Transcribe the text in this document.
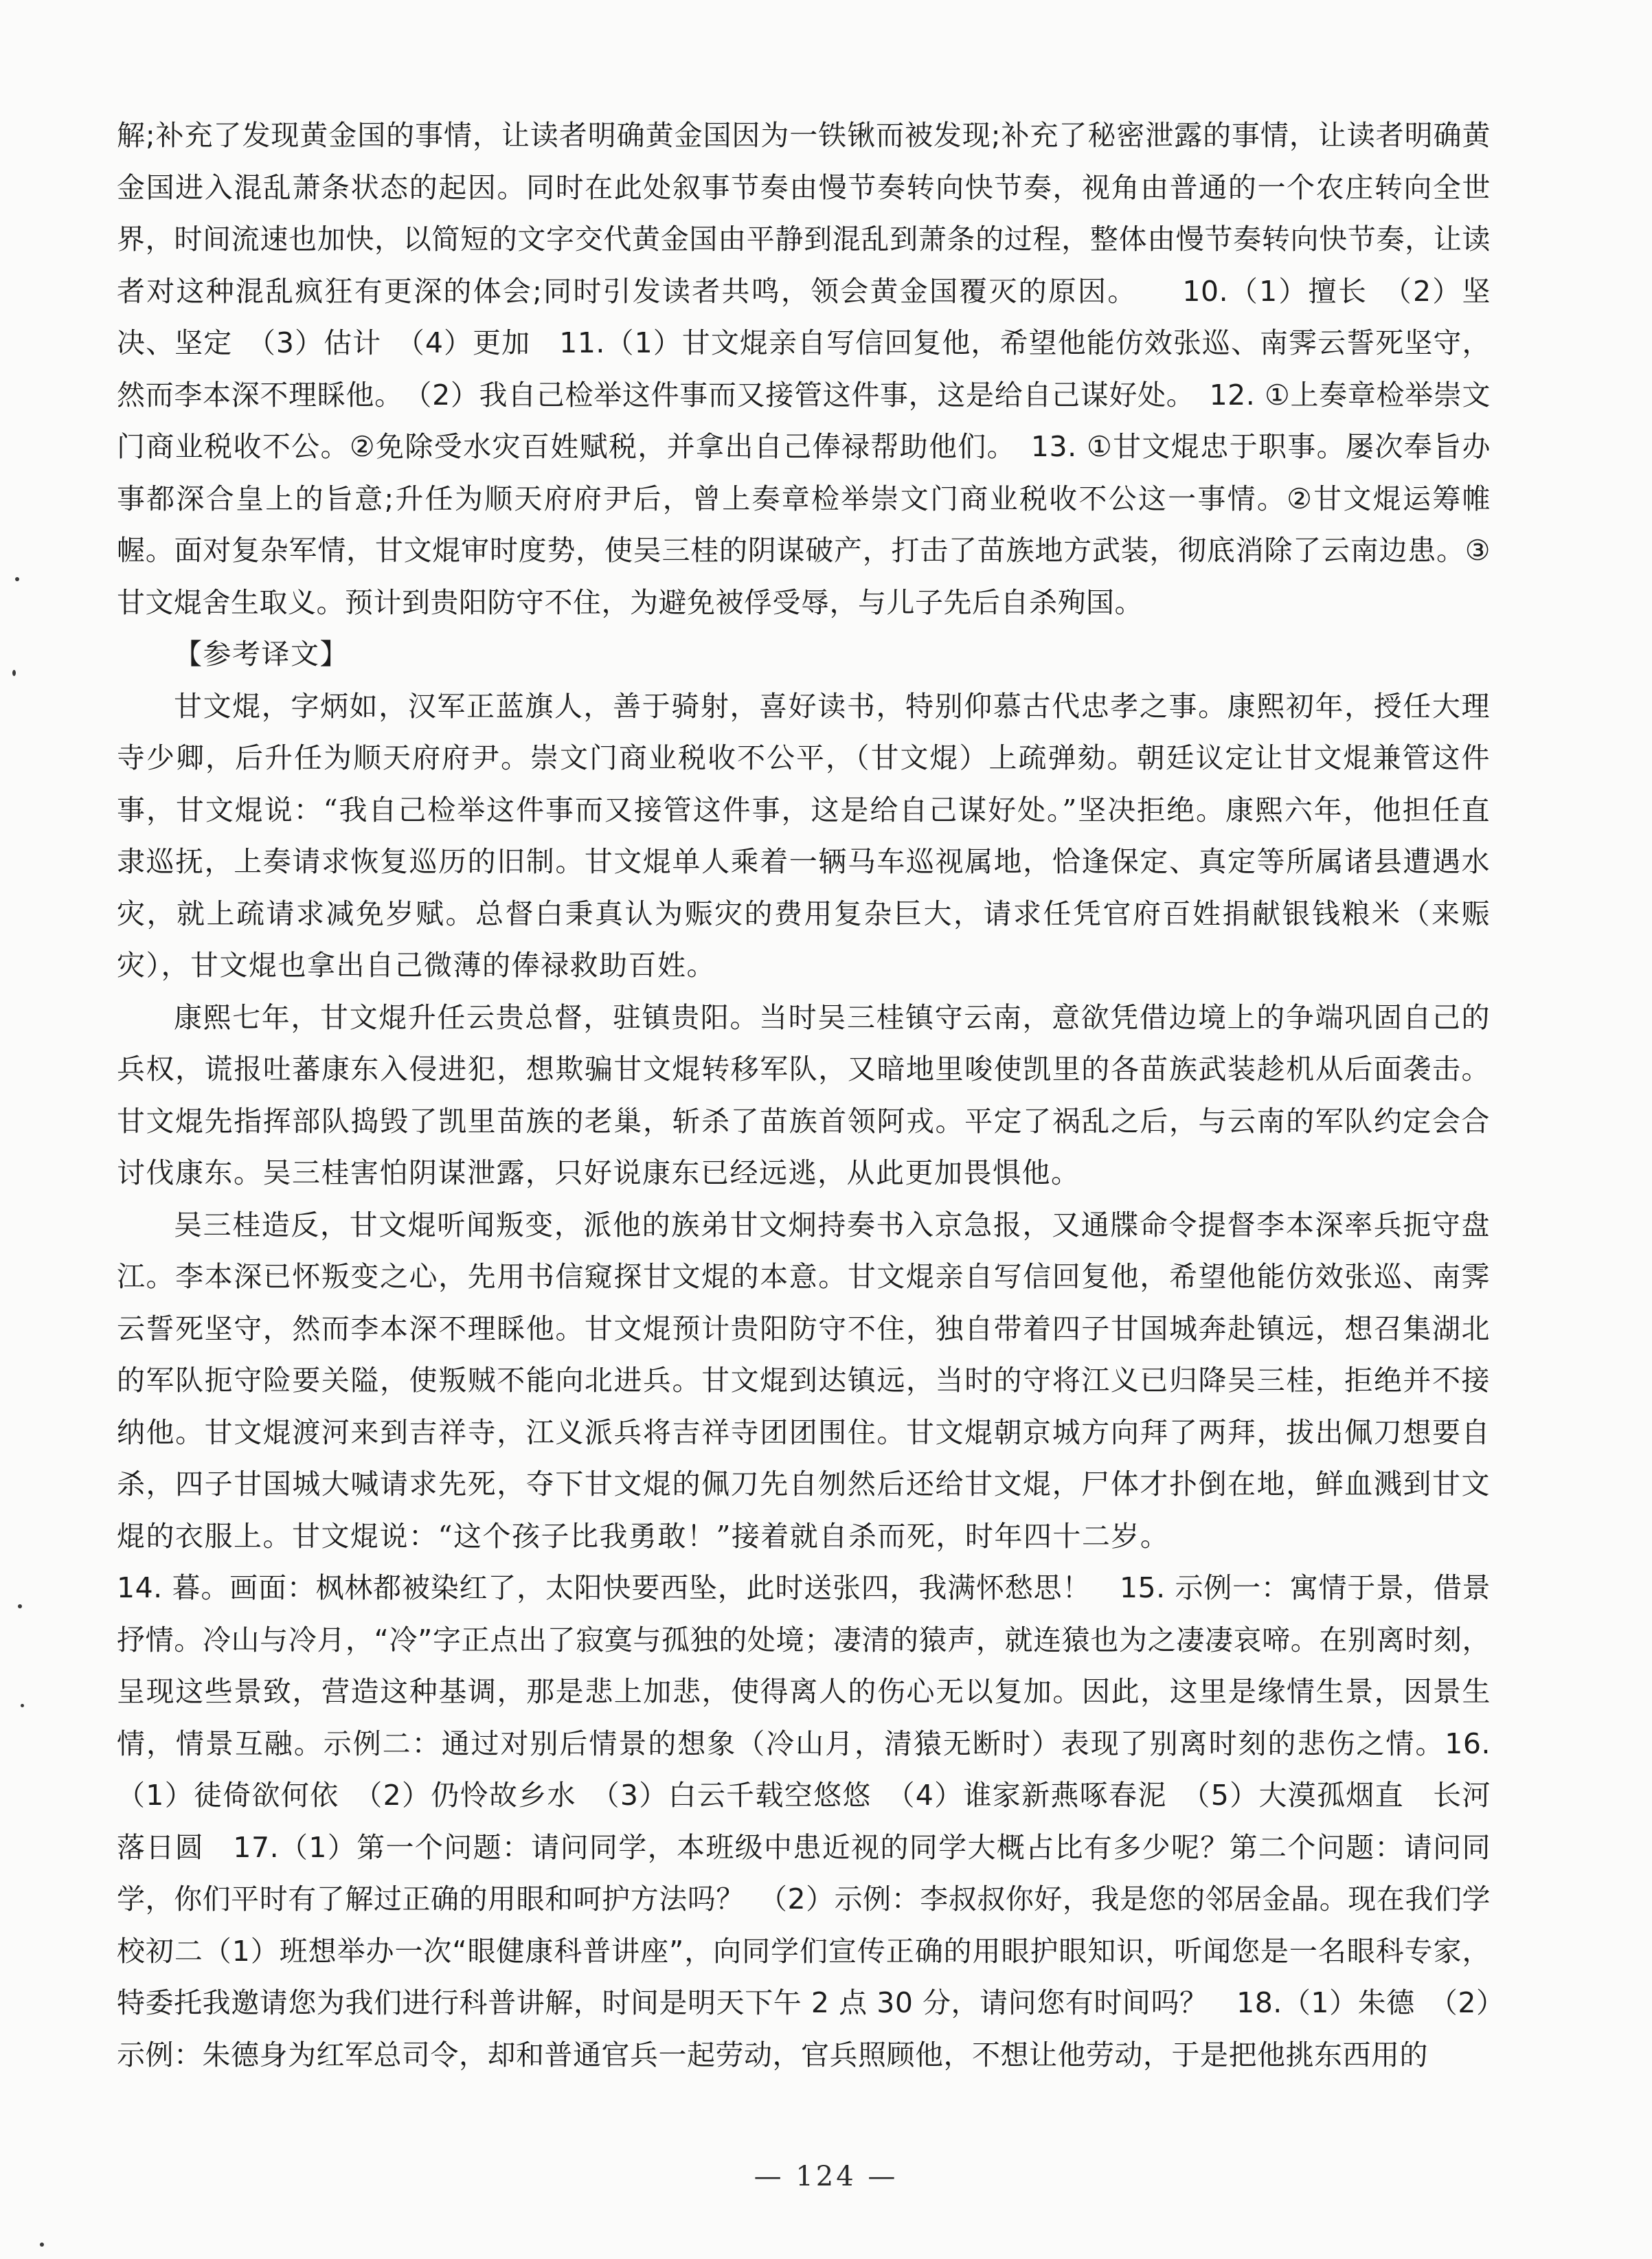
解;补充了发现黄金国的事情，让读者明确黄金国因为一铁锹而被发现;补充了秘密泄露的事情，让读者明确黄金国进入混乱萧条状态的起因。同时在此处叙事节奏由慢节奏转向快节奏，视角由普通的一个农庄转向全世界，时间流速也加快，以简短的文字交代黄金国由平静到混乱到萧条的过程，整体由慢节奏转向快节奏，让读者对这种混乱疯狂有更深的体会;同时引发读者共鸣，领会黄金国覆灭的原因。　　10.（1）擅长　（2）坚决、坚定　（3）估计　（4）更加　11.（1）甘文焜亲自写信回复他，希望他能仿效张巡、南霁云誓死坚守，然而李本深不理睬他。　（2）我自己检举这件事而又接管这件事，这是给自己谋好处。　12. ①上奏章检举崇文门商业税收不公。②免除受水灾百姓赋税，并拿出自己俸禄帮助他们。　13. ①甘文焜忠于职事。屡次奉旨办事都深合皇上的旨意;升任为顺天府府尹后，曾上奏章检举崇文门商业税收不公这一事情。②甘文焜运筹帷幄。面对复杂军情，甘文焜审时度势，使吴三桂的阴谋破产，打击了苗族地方武装，彻底消除了云南边患。③甘文焜舍生取义。预计到贵阳防守不住，为避免被俘受辱，与儿子先后自杀殉国。

【参考译文】

甘文焜，字炳如，汉军正蓝旗人，善于骑射，喜好读书，特别仰慕古代忠孝之事。康熙初年，授任大理寺少卿，后升任为顺天府府尹。崇文门商业税收不公平，（甘文焜）上疏弹劾。朝廷议定让甘文焜兼管这件事，甘文焜说：“我自己检举这件事而又接管这件事，这是给自己谋好处。”坚决拒绝。康熙六年，他担任直隶巡抚，上奏请求恢复巡历的旧制。甘文焜单人乘着一辆马车巡视属地，恰逢保定、真定等所属诸县遭遇水灾，就上疏请求减免岁赋。总督白秉真认为赈灾的费用复杂巨大，请求任凭官府百姓捐献银钱粮米（来赈灾），甘文焜也拿出自己微薄的俸禄救助百姓。

康熙七年，甘文焜升任云贵总督，驻镇贵阳。当时吴三桂镇守云南，意欲凭借边境上的争端巩固自己的兵权，谎报吐蕃康东入侵进犯，想欺骗甘文焜转移军队，又暗地里唆使凯里的各苗族武装趁机从后面袭击。甘文焜先指挥部队捣毁了凯里苗族的老巢，斩杀了苗族首领阿戎。平定了祸乱之后，与云南的军队约定会合讨伐康东。吴三桂害怕阴谋泄露，只好说康东已经远逃，从此更加畏惧他。

吴三桂造反，甘文焜听闻叛变，派他的族弟甘文炯持奏书入京急报，又通牒命令提督李本深率兵扼守盘江。李本深已怀叛变之心，先用书信窥探甘文焜的本意。甘文焜亲自写信回复他，希望他能仿效张巡、南霁云誓死坚守，然而李本深不理睬他。甘文焜预计贵阳防守不住，独自带着四子甘国城奔赴镇远，想召集湖北的军队扼守险要关隘，使叛贼不能向北进兵。甘文焜到达镇远，当时的守将江义已归降吴三桂，拒绝并不接纳他。甘文焜渡河来到吉祥寺，江义派兵将吉祥寺团团围住。甘文焜朝京城方向拜了两拜，拔出佩刀想要自杀，四子甘国城大喊请求先死，夺下甘文焜的佩刀先自刎然后还给甘文焜，尸体才扑倒在地，鲜血溅到甘文焜的衣服上。甘文焜说：“这个孩子比我勇敢！”接着就自杀而死，时年四十二岁。

14. 暮。画面：枫林都被染红了，太阳快要西坠，此时送张四，我满怀愁思！　15. 示例一：寓情于景，借景抒情。冷山与冷月，“冷”字正点出了寂寞与孤独的处境；凄清的猿声，就连猿也为之凄凄哀啼。在别离时刻，呈现这些景致，营造这种基调，那是悲上加悲，使得离人的伤心无以复加。因此，这里是缘情生景，因景生情，情景互融。示例二：通过对别后情景的想象（冷山月，清猿无断时）表现了别离时刻的悲伤之情。16.（1）徒倚欲何依　（2）仍怜故乡水　（3）白云千载空悠悠　（4）谁家新燕啄春泥　（5）大漠孤烟直　长河落日圆　17.（1）第一个问题：请问同学，本班级中患近视的同学大概占比有多少呢？第二个问题：请问同学，你们平时有了解过正确的用眼和呵护方法吗？　（2）示例：李叔叔你好，我是您的邻居金晶。现在我们学校初二（1）班想举办一次“眼健康科普讲座”，向同学们宣传正确的用眼护眼知识，听闻您是一名眼科专家，特委托我邀请您为我们进行科普讲解，时间是明天下午 2 点 30 分，请问您有时间吗？　18.（1）朱德　（2）示例：朱德身为红军总司令，却和普通官兵一起劳动，官兵照顾他，不想让他劳动，于是把他挑东西用的

— 124 —
